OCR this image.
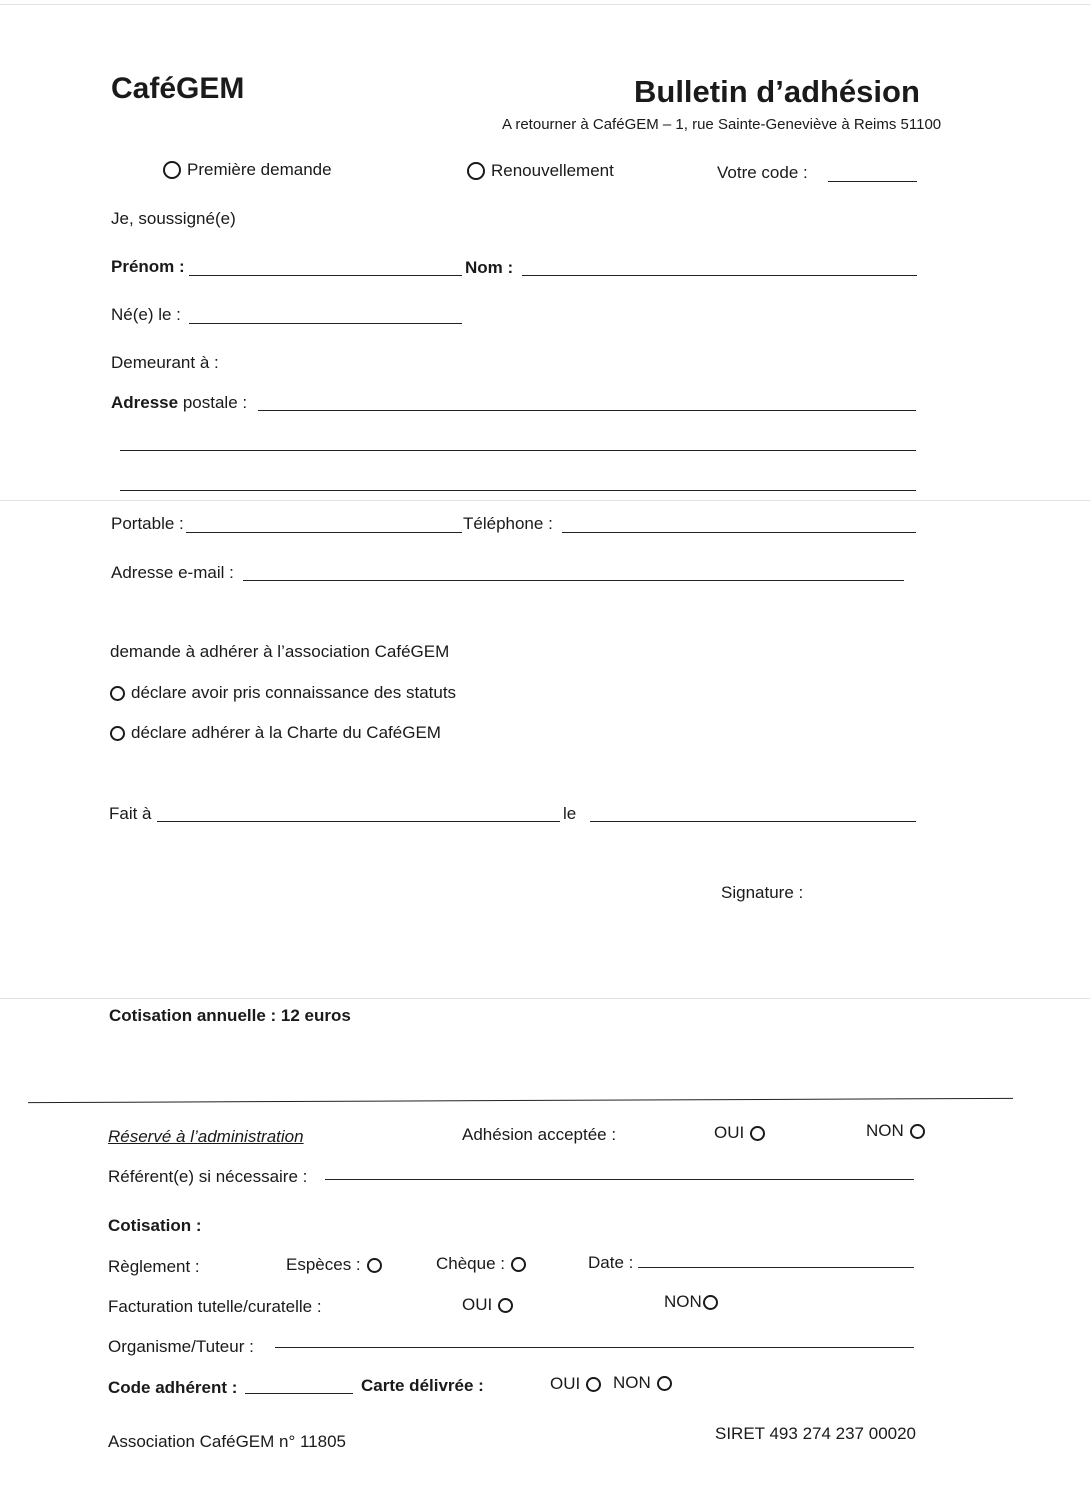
CaféGEM	Bulletin d’adhésion
A retourner à CaféGEM – 1, rue Sainte-Geneviève à Reims 51100
Première demande	Renouvellement	Votre code :
Je, soussigné(e)
Prénom :	Nom :
Né(e) le :
Demeurant à :
Adresse postale :
Portable :	Téléphone :
Adresse e-mail :
demande à adhérer à l’association CaféGEM
déclare avoir pris connaissance des statuts
déclare adhérer à la Charte du CaféGEM
Fait à	le
Signature :
Cotisation annuelle : 12 euros
Réservé à l’administration	Adhésion acceptée :	OUI	NON
Référent(e) si nécessaire :
Cotisation :
Règlement :	Espèces :	Chèque :	Date :
Facturation tutelle/curatelle :	OUI	NON
Organisme/Tuteur :
Code adhérent :	Carte délivrée :	OUI NON
Association CaféGEM n° 11805	SIRET 493 274 237 00020
